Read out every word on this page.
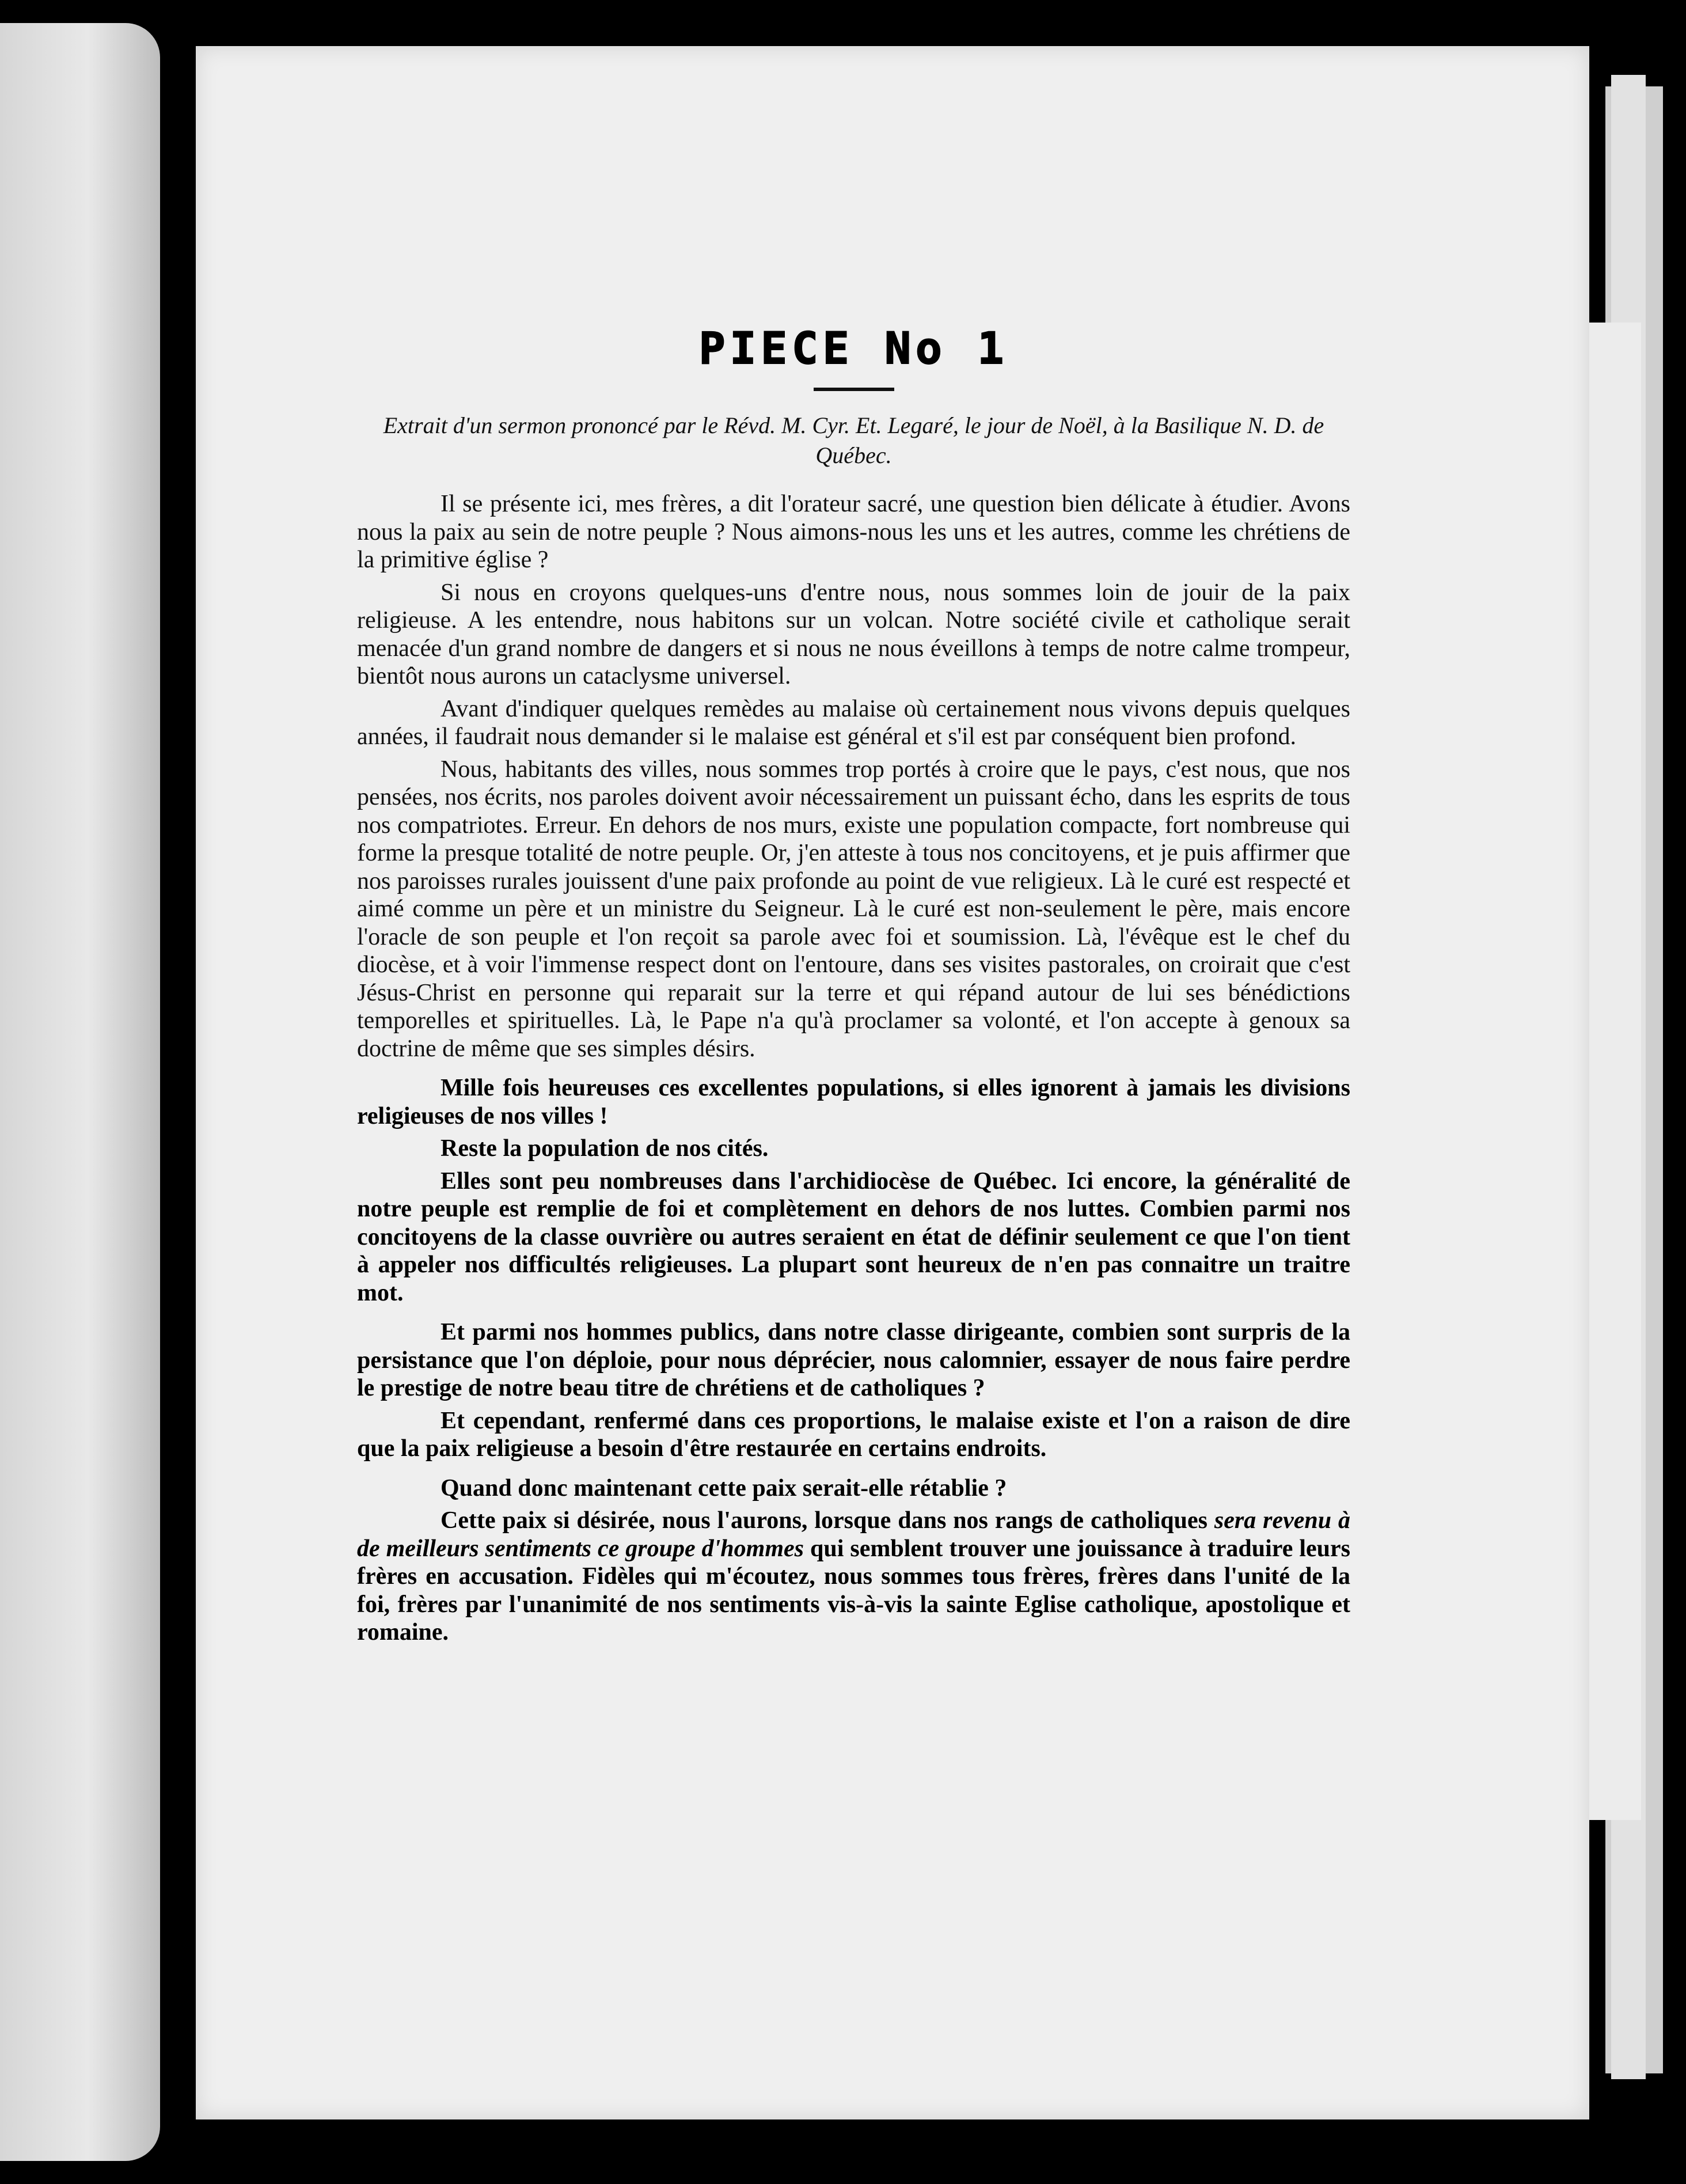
PIECE No 1

Extrait d'un sermon prononcé par le Révd. M. Cyr. Et. Legaré, le jour de Noël, à la Basilique N. D. de Québec.

Il se présente ici, mes frères, a dit l'orateur sacré, une question bien délicate à étudier. Avons nous la paix au sein de notre peuple ? Nous aimons-nous les uns et les autres, comme les chrétiens de la primitive église ?

Si nous en croyons quelques-uns d'entre nous, nous sommes loin de jouir de la paix religieuse. A les entendre, nous habitons sur un volcan. Notre société civile et catholique serait menacée d'un grand nombre de dangers et si nous ne nous éveillons à temps de notre calme trompeur, bientôt nous aurons un cataclysme universel.

Avant d'indiquer quelques remèdes au malaise où certainement nous vivons depuis quelques années, il faudrait nous demander si le malaise est général et s'il est par conséquent bien profond.

Nous, habitants des villes, nous sommes trop portés à croire que le pays, c'est nous, que nos pensées, nos écrits, nos paroles doivent avoir nécessairement un puissant écho, dans les esprits de tous nos compatriotes. Erreur. En dehors de nos murs, existe une population compacte, fort nombreuse qui forme la presque totalité de notre peuple. Or, j'en atteste à tous nos concitoyens, et je puis affirmer que nos paroisses rurales jouissent d'une paix profonde au point de vue religieux. Là le curé est respecté et aimé comme un père et un ministre du Seigneur. Là le curé est non-seulement le père, mais encore l'oracle de son peuple et l'on reçoit sa parole avec foi et soumission. Là, l'évêque est le chef du diocèse, et à voir l'immense respect dont on l'entoure, dans ses visites pastorales, on croirait que c'est Jésus-Christ en personne qui reparait sur la terre et qui répand autour de lui ses bénédictions temporelles et spirituelles. Là, le Pape n'a qu'à proclamer sa volonté, et l'on accepte à genoux sa doctrine de même que ses simples désirs.

Mille fois heureuses ces excellentes populations, si elles ignorent à jamais les divisions religieuses de nos villes !

Reste la population de nos cités.

Elles sont peu nombreuses dans l'archidiocèse de Québec. Ici encore, la généralité de notre peuple est remplie de foi et complètement en dehors de nos luttes. Combien parmi nos concitoyens de la classe ouvrière ou autres seraient en état de définir seulement ce que l'on tient à appeler nos difficultés religieuses. La plupart sont heureux de n'en pas connaitre un traitre mot.

Et parmi nos hommes publics, dans notre classe dirigeante, combien sont surpris de la persistance que l'on déploie, pour nous déprécier, nous calomnier, essayer de nous faire perdre le prestige de notre beau titre de chrétiens et de catholiques ?

Et cependant, renfermé dans ces proportions, le malaise existe et l'on a raison de dire que la paix religieuse a besoin d'être restaurée en certains endroits.

Quand donc maintenant cette paix serait-elle rétablie ?

Cette paix si désirée, nous l'aurons, lorsque dans nos rangs de catholiques sera revenu à de meilleurs sentiments ce groupe d'hommes qui semblent trouver une jouissance à traduire leurs frères en accusation. Fidèles qui m'écoutez, nous sommes tous frères, frères dans l'unité de la foi, frères par l'unanimité de nos sentiments vis-à-vis la sainte Eglise catholique, apostolique et romaine.
